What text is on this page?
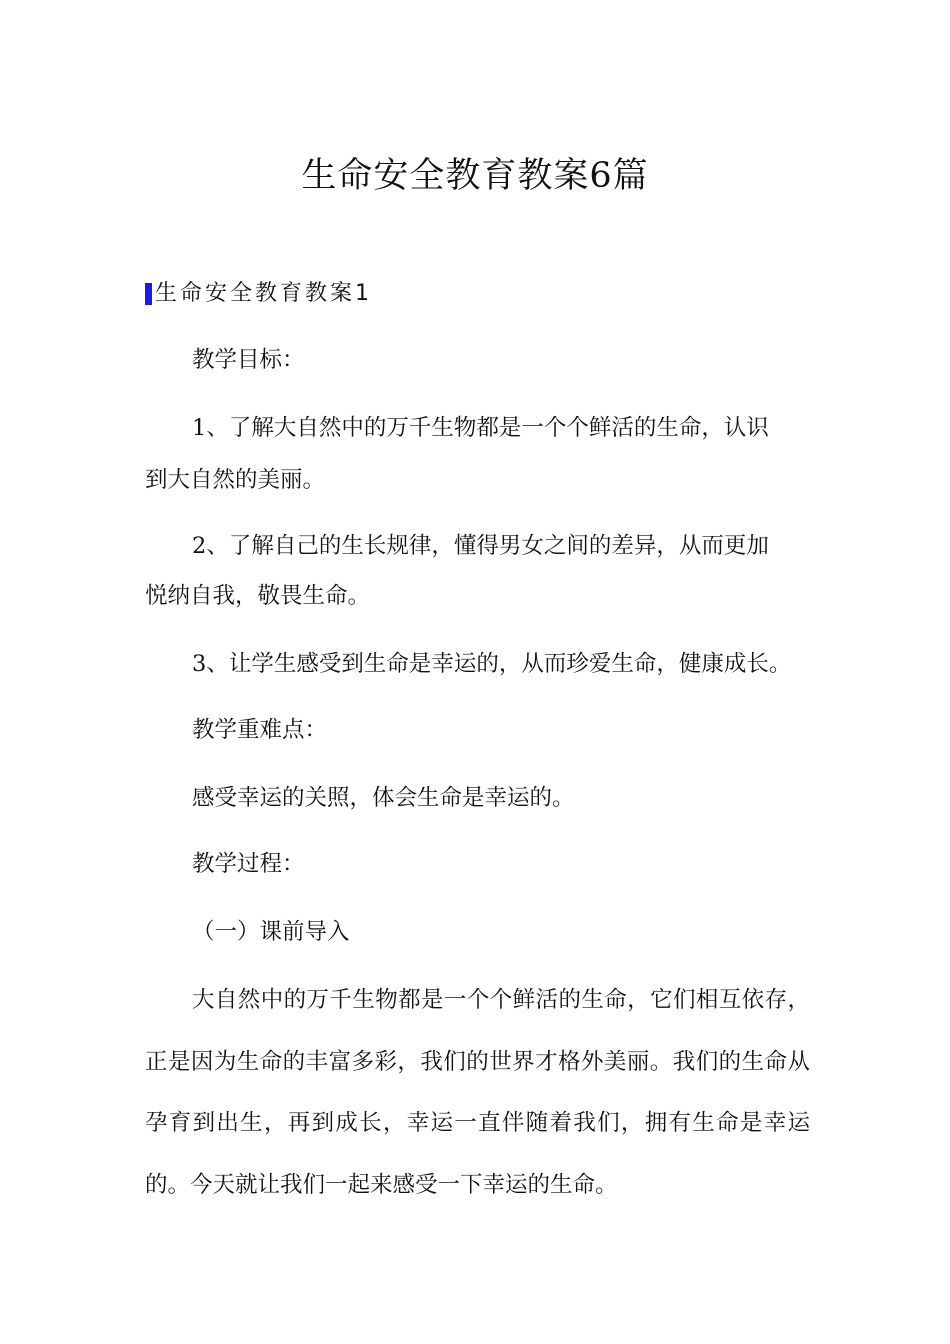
生命安全教育教案6篇
生命安全教育教案1

教学目标：

1、了解大自然中的万千生物都是一个个鲜活的生命，认识

到大自然的美丽。

2、了解自己的生长规律，懂得男女之间的差异，从而更加

悦纳自我，敬畏生命。

3、让学生感受到生命是幸运的，从而珍爱生命，健康成长。

教学重难点：

感受幸运的关照，体会生命是幸运的。

教学过程：

（一）课前导入

大自然中的万千生物都是一个个鲜活的生命，它们相互依存，正是因为生命的丰富多彩，我们的世界才格外美丽。我们的生命从孕育到出生，再到成长，幸运一直伴随着我们，拥有生命是幸运的。今天就让我们一起来感受一下幸运的生命。
